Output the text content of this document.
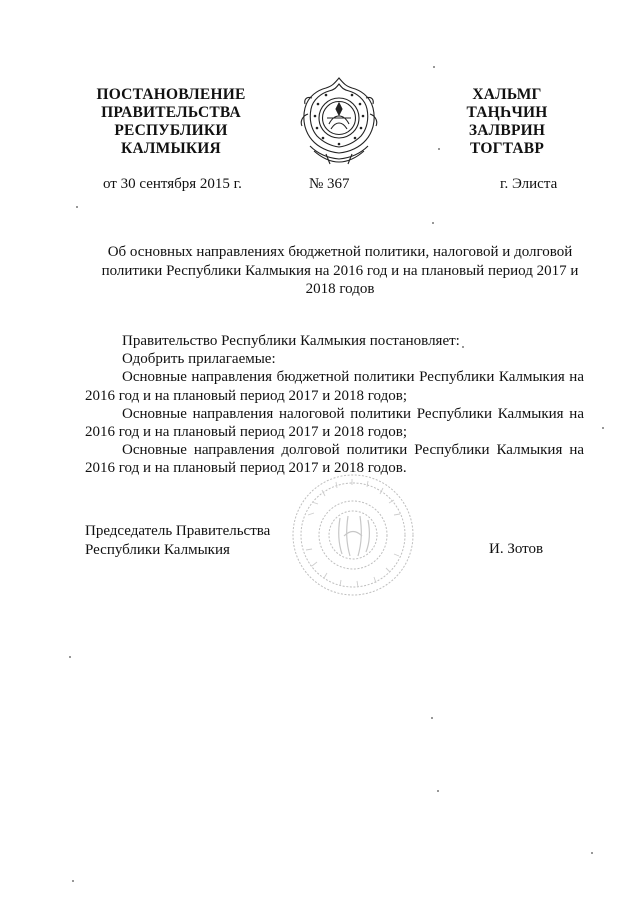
ПОСТАНОВЛЕНИЕ
ПРАВИТЕЛЬСТВА
РЕСПУБЛИКИ
КАЛМЫКИЯ
ХАЛЬМГ
ТАҢҺЧИН
ЗАЛВРИН
ТОГТАВР
от 30 сентября 2015 г.	№ 367	г. Элиста
Об основных направлениях бюджетной политики, налоговой и долговой
политики Республики Калмыкия на 2016 год и на плановый период 2017 и
2018 годов

Правительство Республики Калмыкия постановляет:

Одобрить прилагаемые:

Основные направления бюджетной политики Республики Калмыкия на 2016 год и на плановый период 2017 и 2018 годов;

Основные направления налоговой политики Республики Калмыкия на 2016 год и на плановый период 2017 и 2018 годов;

Основные направления долговой политики Республики Калмыкия на 2016 год и на плановый период 2017 и 2018 годов.

Председатель Правительства
Республики Калмыкия	И. Зотов
